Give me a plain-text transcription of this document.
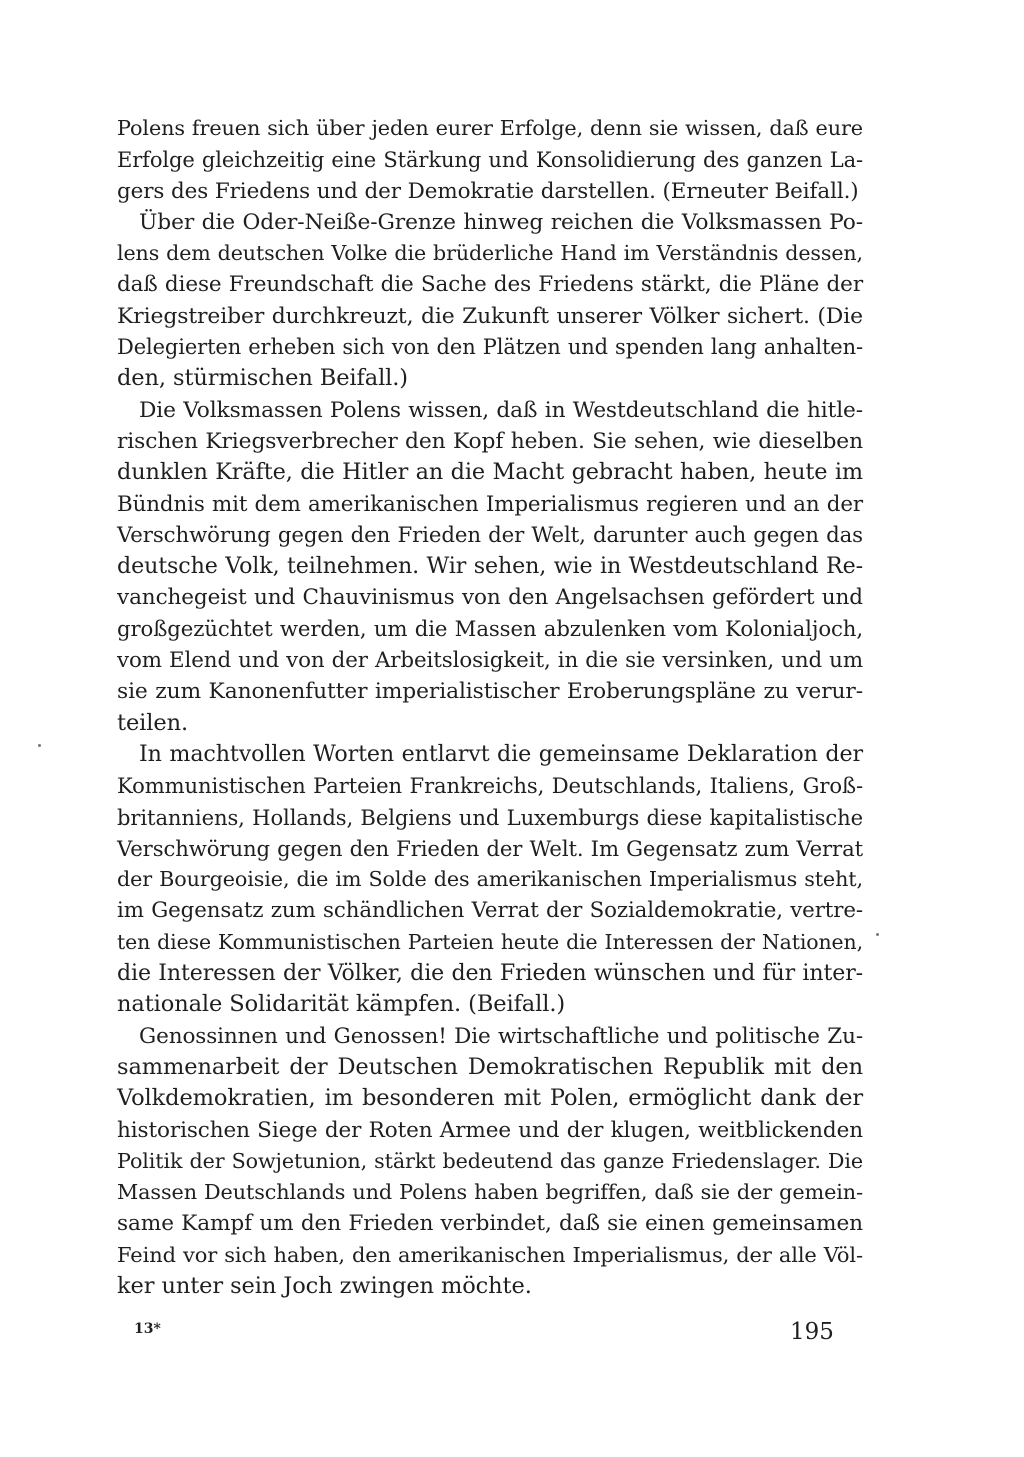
Polens freuen sich über jeden eurer Erfolge, denn sie wissen, daß eure
Erfolge gleichzeitig eine Stärkung und Konsolidierung des ganzen La-
gers des Friedens und der Demokratie darstellen. (Erneuter Beifall.)
Über die Oder-Neiße-Grenze hinweg reichen die Volksmassen Po-
lens dem deutschen Volke die brüderliche Hand im Verständnis dessen,
daß diese Freundschaft die Sache des Friedens stärkt, die Pläne der
Kriegstreiber durchkreuzt, die Zukunft unserer Völker sichert. (Die
Delegierten erheben sich von den Plätzen und spenden lang anhalten-
den, stürmischen Beifall.)
Die Volksmassen Polens wissen, daß in Westdeutschland die hitle-
rischen Kriegsverbrecher den Kopf heben. Sie sehen, wie dieselben
dunklen Kräfte, die Hitler an die Macht gebracht haben, heute im
Bündnis mit dem amerikanischen Imperialismus regieren und an der
Verschwörung gegen den Frieden der Welt, darunter auch gegen das
deutsche Volk, teilnehmen. Wir sehen, wie in Westdeutschland Re-
vanchegeist und Chauvinismus von den Angelsachsen gefördert und
großgezüchtet werden, um die Massen abzulenken vom Kolonialjoch,
vom Elend und von der Arbeitslosigkeit, in die sie versinken, und um
sie zum Kanonenfutter imperialistischer Eroberungspläne zu verur-
teilen.
In machtvollen Worten entlarvt die gemeinsame Deklaration der
Kommunistischen Parteien Frankreichs, Deutschlands, Italiens, Groß-
britanniens, Hollands, Belgiens und Luxemburgs diese kapitalistische
Verschwörung gegen den Frieden der Welt. Im Gegensatz zum Verrat
der Bourgeoisie, die im Solde des amerikanischen Imperialismus steht,
im Gegensatz zum schändlichen Verrat der Sozialdemokratie, vertre-
ten diese Kommunistischen Parteien heute die Interessen der Nationen,
die Interessen der Völker, die den Frieden wünschen und für inter-
nationale Solidarität kämpfen. (Beifall.)
Genossinnen und Genossen! Die wirtschaftliche und politische Zu-
sammenarbeit der Deutschen Demokratischen Republik mit den
Volkdemokratien, im besonderen mit Polen, ermöglicht dank der
historischen Siege der Roten Armee und der klugen, weitblickenden
Politik der Sowjetunion, stärkt bedeutend das ganze Friedenslager. Die
Massen Deutschlands und Polens haben begriffen, daß sie der gemein-
same Kampf um den Frieden verbindet, daß sie einen gemeinsamen
Feind vor sich haben, den amerikanischen Imperialismus, der alle Völ-
ker unter sein Joch zwingen möchte.
13*	195
